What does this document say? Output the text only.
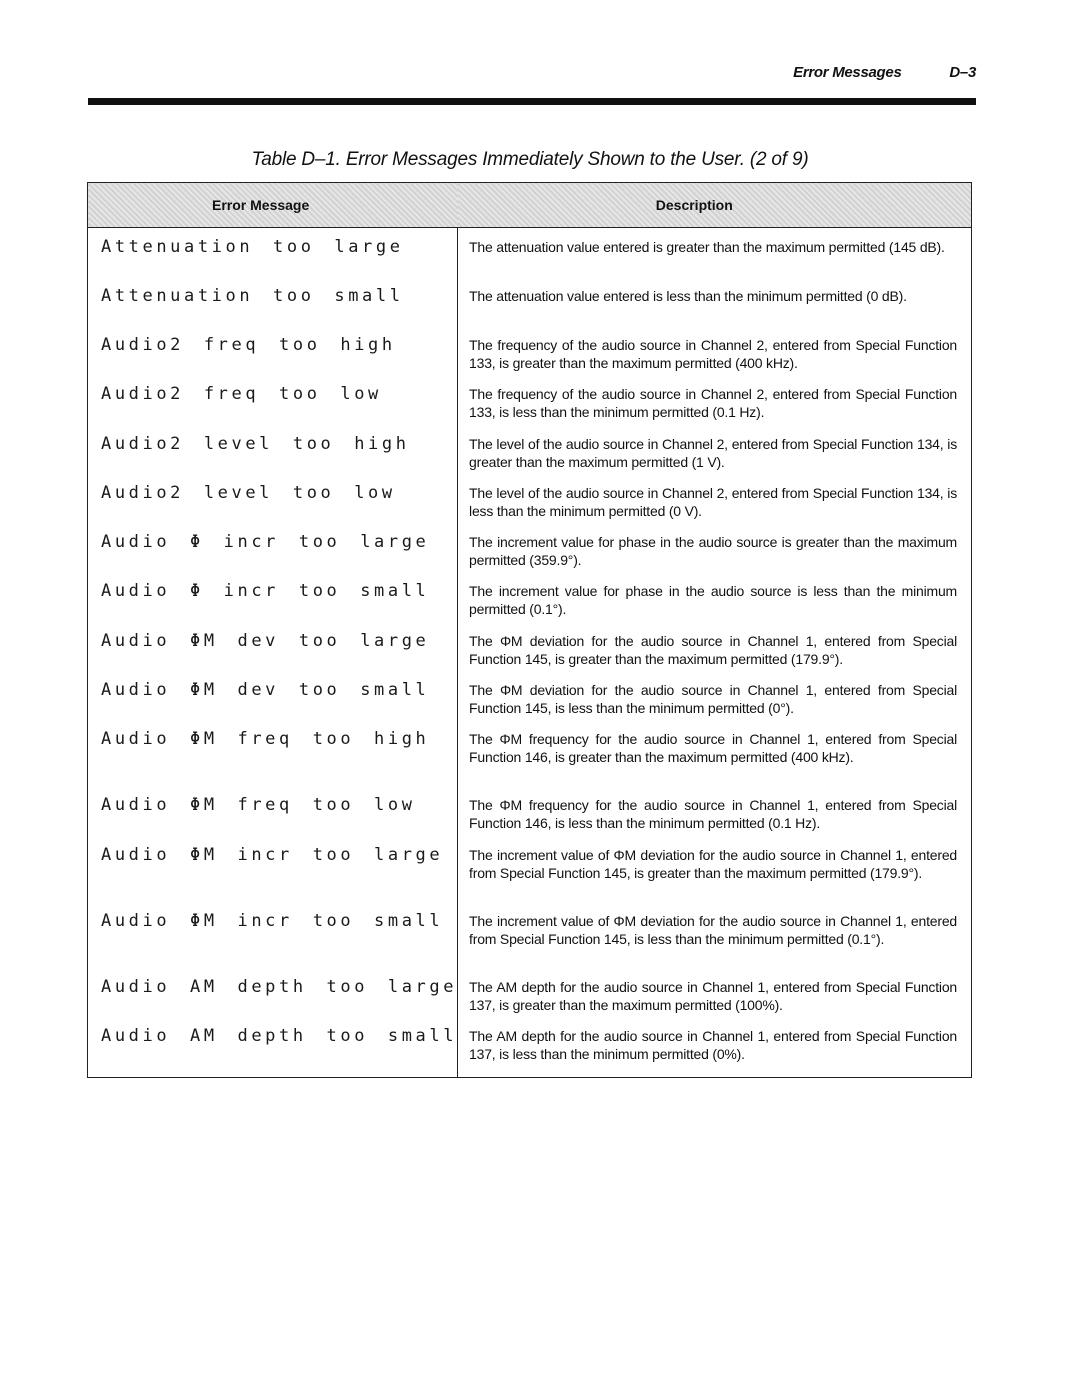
Error Messages	D–3
Table D–1. Error Messages Immediately Shown to the User. (2 of 9)
Error Message	Description
Attenuation too large	The attenuation value entered is greater than the maximum permitted (145 dB).
Attenuation too small	The attenuation value entered is less than the minimum permitted (0 dB).
Audio2 freq too high	The frequency of the audio source in Channel 2, entered from Special Function 133, is greater than the maximum permitted (400 kHz).
Audio2 freq too low	The frequency of the audio source in Channel 2, entered from Special Function 133, is less than the minimum permitted (0.1 Hz).
Audio2 level too high	The level of the audio source in Channel 2, entered from Special Function 134, is greater than the maximum permitted (1 V).
Audio2 level too low	The level of the audio source in Channel 2, entered from Special Function 134, is less than the minimum permitted (0 V).
Audio Φ incr too large	The increment value for phase in the audio source is greater than the maximum permitted (359.9°).
Audio Φ incr too small	The increment value for phase in the audio source is less than the minimum permitted (0.1°).
Audio ΦM dev too large	The ΦM deviation for the audio source in Channel 1, entered from Special Function 145, is greater than the maximum permitted (179.9°).
Audio ΦM dev too small	The ΦM deviation for the audio source in Channel 1, entered from Special Function 145, is less than the minimum permitted (0°).
Audio ΦM freq too high	The ΦM frequency for the audio source in Channel 1, entered from Special Function 146, is greater than the maximum permitted (400 kHz).
Audio ΦM freq too low	The ΦM frequency for the audio source in Channel 1, entered from Special Function 146, is less than the minimum permitted (0.1 Hz).
Audio ΦM incr too large	The increment value of ΦM deviation for the audio source in Channel 1, entered from Special Function 145, is greater than the maximum permitted (179.9°).
Audio ΦM incr too small	The increment value of ΦM deviation for the audio source in Channel 1, entered from Special Function 145, is less than the minimum permitted (0.1°).
Audio AM depth too large	The AM depth for the audio source in Channel 1, entered from Special Function 137, is greater than the maximum permitted (100%).
Audio AM depth too small	The AM depth for the audio source in Channel 1, entered from Special Function 137, is less than the minimum permitted (0%).
